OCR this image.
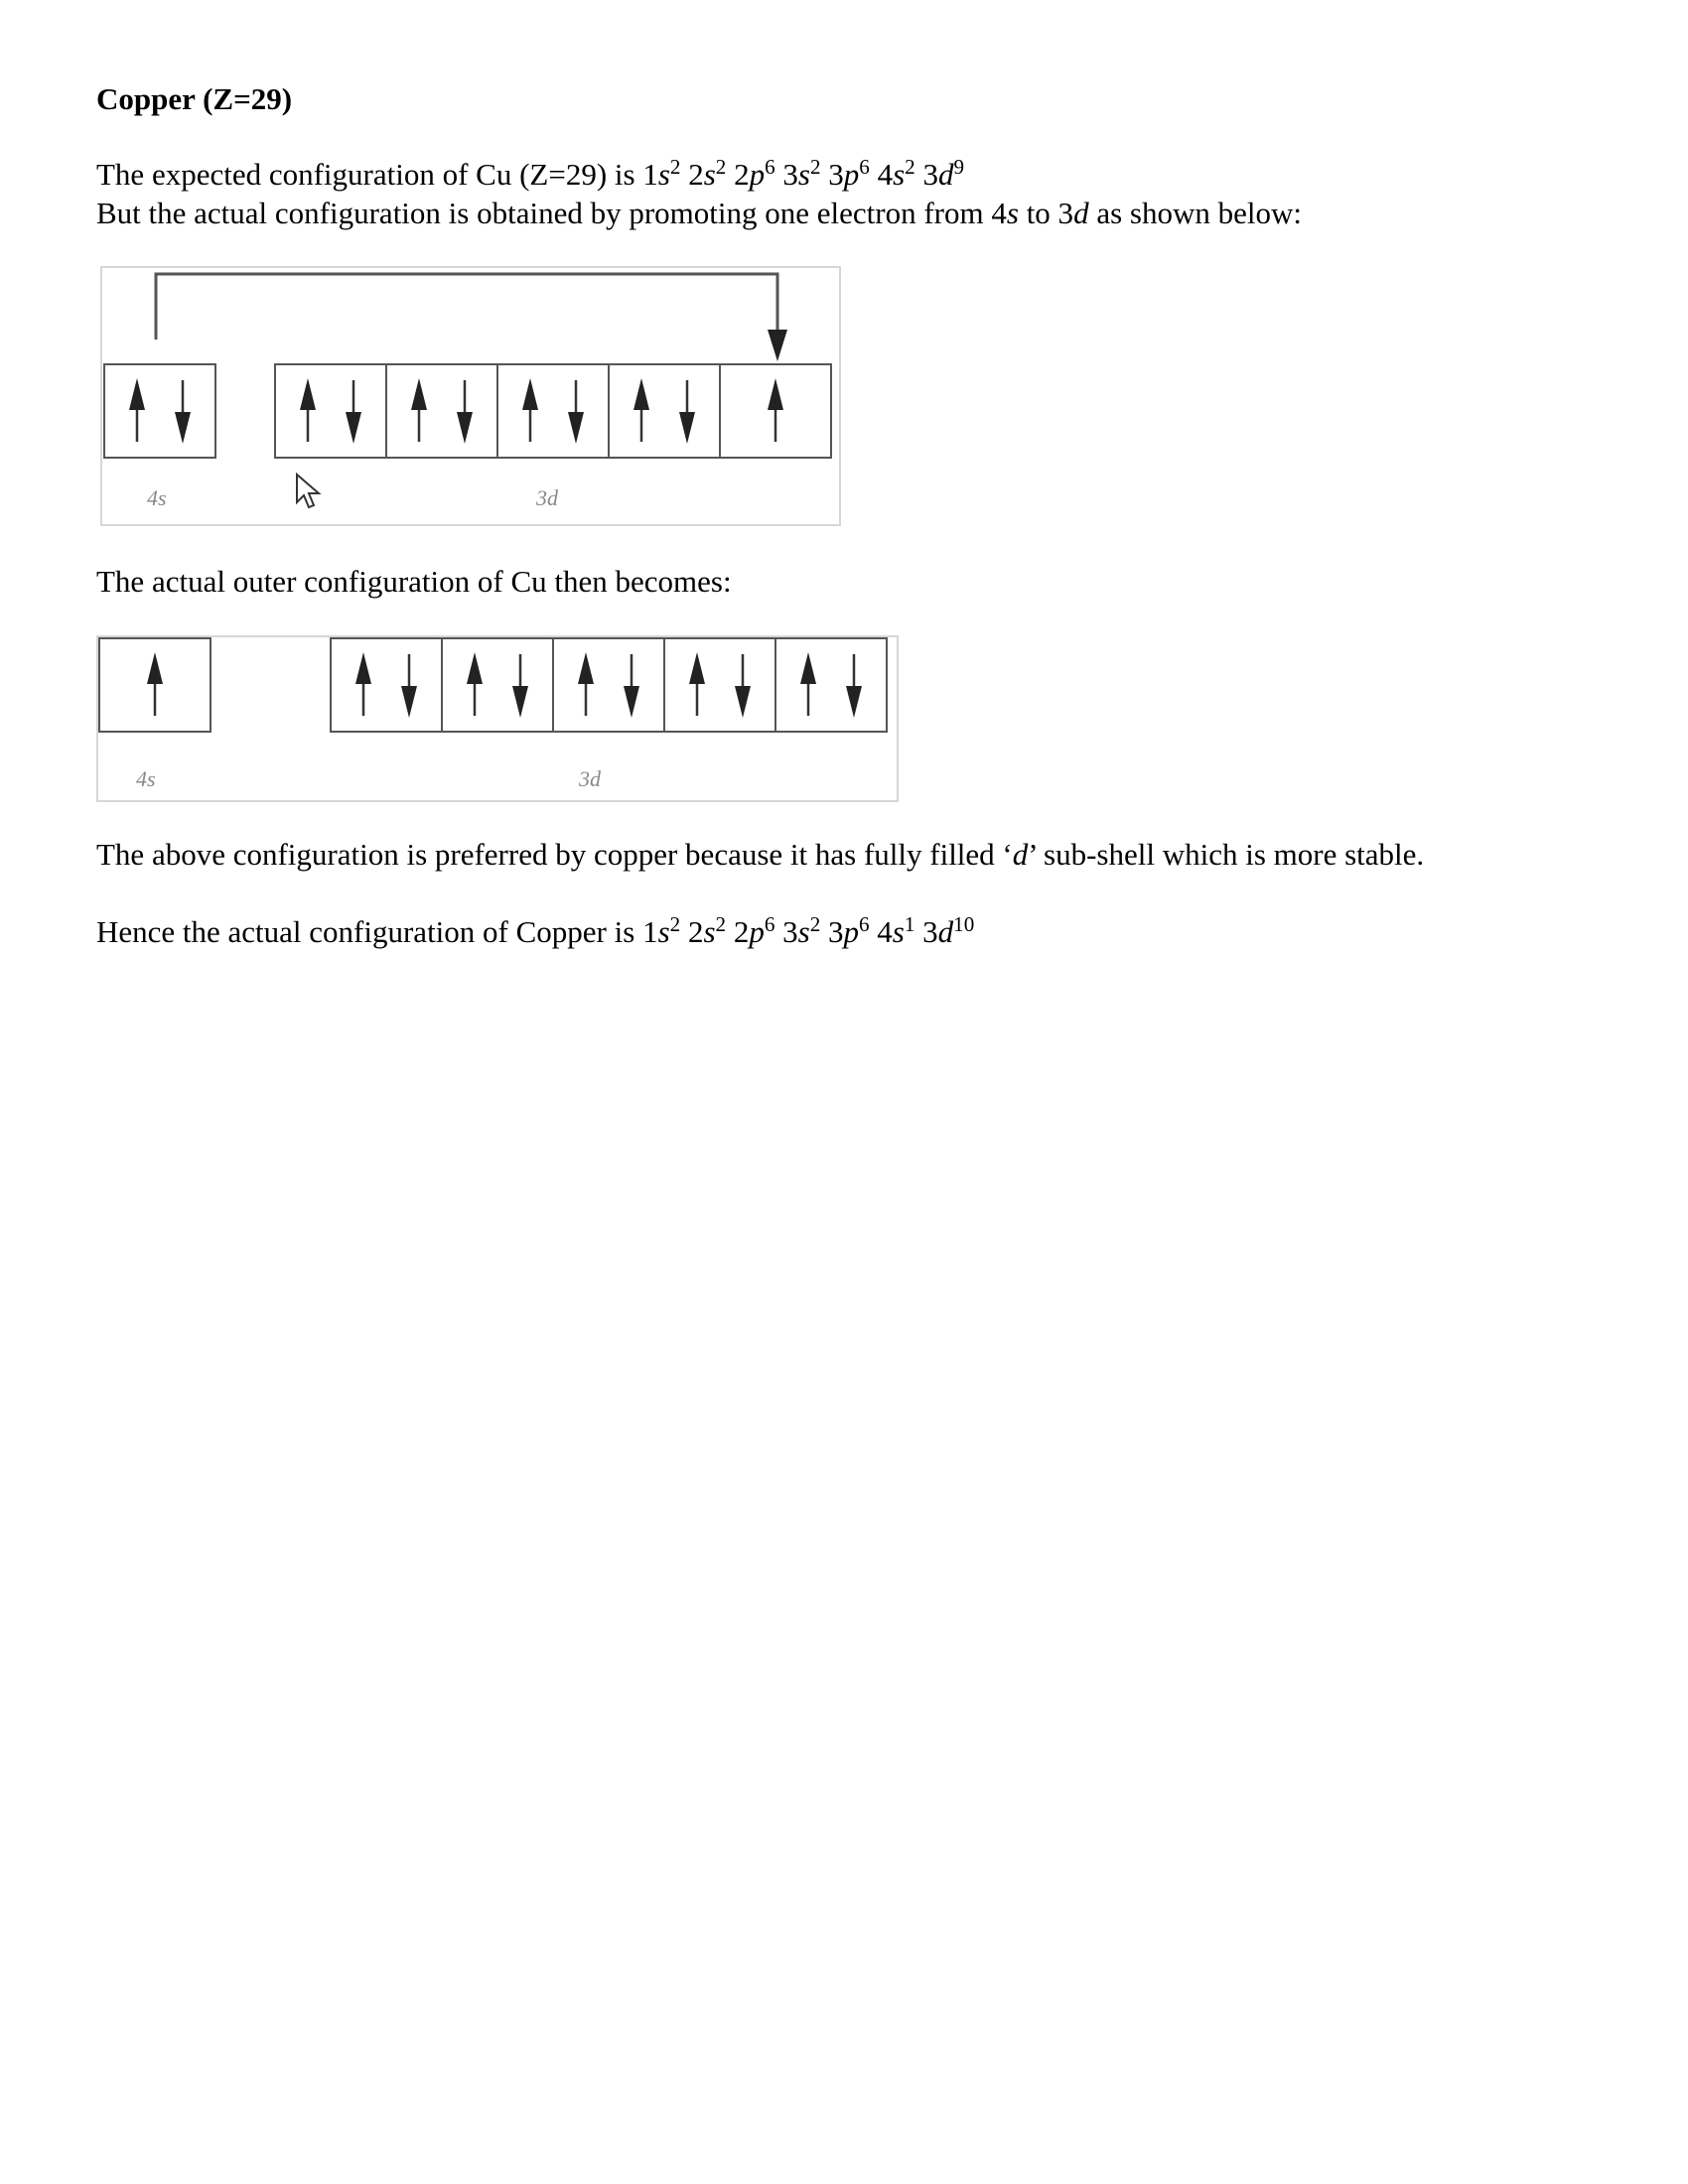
Copper (Z=29)
The expected configuration of Cu (Z=29) is $1s^2$ $2s^2$ $2p^6$ $3s^2$ $3p^6$ $4s^2$ $3d^9$
But the actual configuration is obtained by promoting one electron from 4s to 3d as shown below:
4s	3d
The actual outer configuration of Cu then becomes:
4s	3d
The above configuration is preferred by copper because it has fully filled ‘d’ sub-shell which is more stable.
Hence the actual configuration of Copper is $1s^2$ $2s^2$ $2p^6$ $3s^2$ $3p^6$ $4s^1$ $3d^{10}$
